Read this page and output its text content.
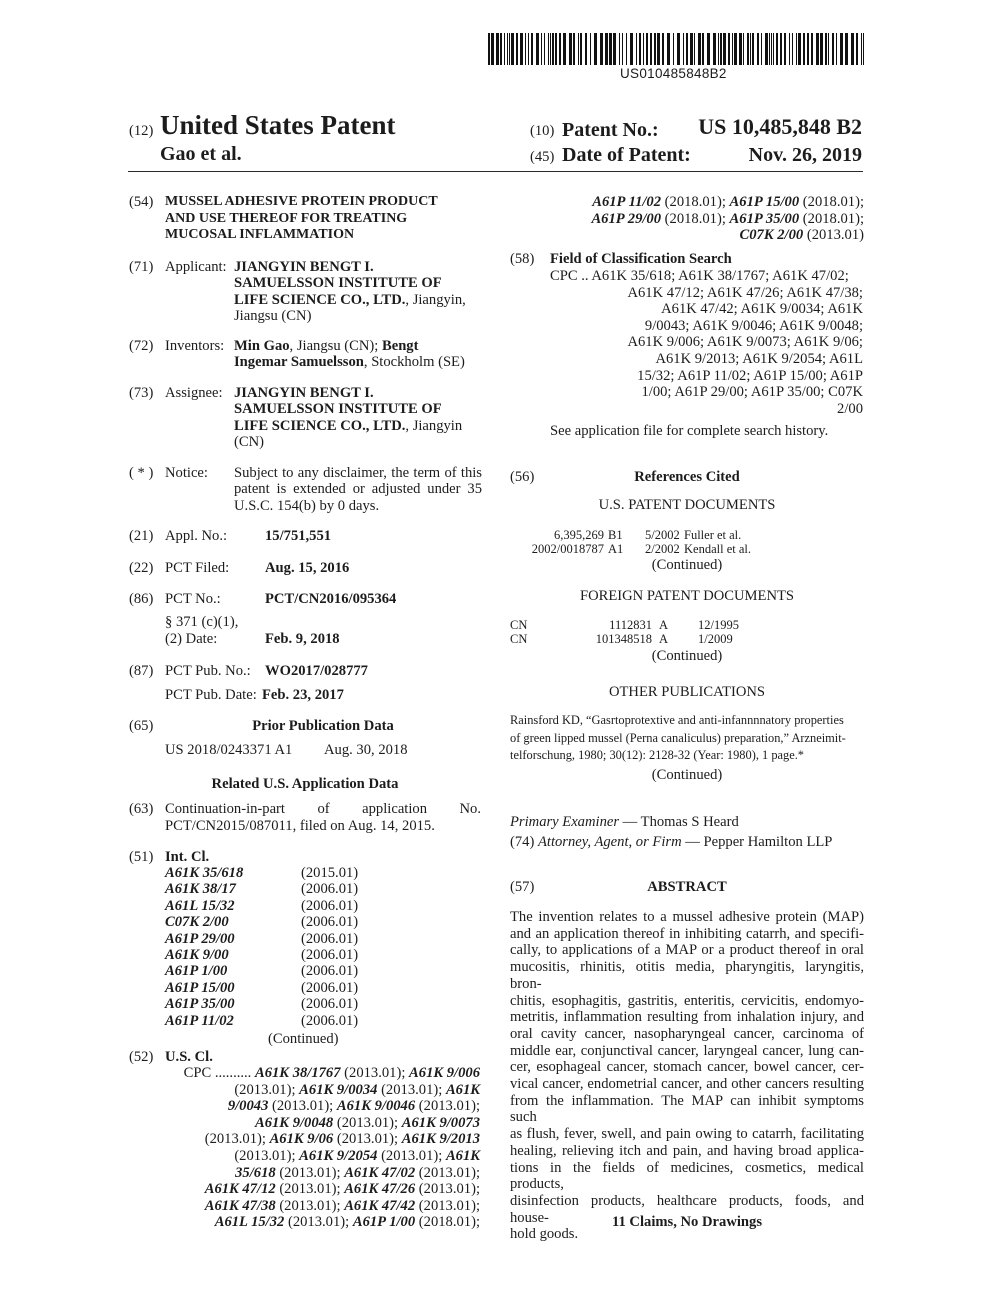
US010485848B2
(12) United States Patent
Gao et al.
(10) Patent No.:	US 10,485,848 B2
(45) Date of Patent:	Nov. 26, 2019
(54) MUSSEL ADHESIVE PROTEIN PRODUCT
AND USE THEREOF FOR TREATING
MUCOSAL INFLAMMATION
(71) Applicant: JIANGYIN BENGT I.
SAMUELSSON INSTITUTE OF
LIFE SCIENCE CO., LTD., Jiangyin,
Jiangsu (CN)
(72) Inventors: Min Gao, Jiangsu (CN); Bengt
Ingemar Samuelsson, Stockholm (SE)
(73) Assignee: JIANGYIN BENGT I.
SAMUELSSON INSTITUTE OF
LIFE SCIENCE CO., LTD., Jiangyin
(CN)
( * ) Notice: Subject to any disclaimer, the term of this
patent is extended or adjusted under 35
U.S.C. 154(b) by 0 days.
(21) Appl. No.:	15/751,551
(22) PCT Filed: Aug. 15, 2016
(86) PCT No.:	PCT/CN2016/095364
§ 371 (c)(1),
(2) Date:	Feb. 9, 2018
(87) PCT Pub. No.: WO2017/028777
PCT Pub. Date: Feb. 23, 2017
(65)	Prior Publication Data
US 2018/0243371 A1 Aug. 30, 2018
Related U.S. Application Data
(63) Continuation-in-part of application No.
PCT/CN2015/087011, filed on Aug. 14, 2015.
(51) Int. Cl.
A61K 35/618	(2015.01)
A61K 38/17	(2006.01)
A61L 15/32	(2006.01)
C07K 2/00	(2006.01)
A61P 29/00	(2006.01)
A61K 9/00	(2006.01)
A61P 1/00	(2006.01)
A61P 15/00	(2006.01)
A61P 35/00	(2006.01)
A61P 11/02	(2006.01)
(Continued)
(52) U.S. Cl.
CPC .......... A61K 38/1767 (2013.01); A61K 9/006
(2013.01); A61K 9/0034 (2013.01); A61K
9/0043 (2013.01); A61K 9/0046 (2013.01);
A61K 9/0048 (2013.01); A61K 9/0073
(2013.01); A61K 9/06 (2013.01); A61K 9/2013
(2013.01); A61K 9/2054 (2013.01); A61K
35/618 (2013.01); A61K 47/02 (2013.01);
A61K 47/12 (2013.01); A61K 47/26 (2013.01);
A61K 47/38 (2013.01); A61K 47/42 (2013.01);
A61L 15/32 (2013.01); A61P 1/00 (2018.01);
A61P 11/02 (2018.01); A61P 15/00 (2018.01);
A61P 29/00 (2018.01); A61P 35/00 (2018.01);
C07K 2/00 (2013.01)
(58) Field of Classification Search
CPC .. A61K 35/618; A61K 38/1767; A61K 47/02;
A61K 47/12; A61K 47/26; A61K 47/38;
A61K 47/42; A61K 9/0034; A61K
9/0043; A61K 9/0046; A61K 9/0048;
A61K 9/006; A61K 9/0073; A61K 9/06;
A61K 9/2013; A61K 9/2054; A61L
15/32; A61P 11/02; A61P 15/00; A61P
1/00; A61P 29/00; A61P 35/00; C07K
2/00
See application file for complete search history.
(56)	References Cited
U.S. PATENT DOCUMENTS
6,395,269 B1 5/2002 Fuller et al.
2002/0018787 A1 2/2002 Kendall et al.
(Continued)
FOREIGN PATENT DOCUMENTS
CN	1112831 A 12/1995
CN	101348518 A 1/2009
(Continued)
OTHER PUBLICATIONS
Rainsford KD, “Gasrtoprotextive and anti-infannnnatory properties
of green lipped mussel (Perna canaliculus) preparation,” Arzneimit-
telforschung, 1980; 30(12): 2128-32 (Year: 1980), 1 page.*
(Continued)
Primary Examiner — Thomas S Heard
(74) Attorney, Agent, or Firm — Pepper Hamilton LLP
(57)	ABSTRACT
The invention relates to a mussel adhesive protein (MAP)
and an application thereof in inhibiting catarrh, and specifi-
cally, to applications of a MAP or a product thereof in oral
mucositis, rhinitis, otitis media, pharyngitis, laryngitis, bron-
chitis, esophagitis, gastritis, enteritis, cervicitis, endomyo-
metritis, inflammation resulting from inhalation injury, and
oral cavity cancer, nasopharyngeal cancer, carcinoma of
middle ear, conjunctival cancer, laryngeal cancer, lung can-
cer, esophageal cancer, stomach cancer, bowel cancer, cer-
vical cancer, endometrial cancer, and other cancers resulting
from the inflammation. The MAP can inhibit symptoms such
as flush, fever, swell, and pain owing to catarrh, facilitating
healing, relieving itch and pain, and having broad applica-
tions in the fields of medicines, cosmetics, medical products,
disinfection products, healthcare products, foods, and house-
hold goods.
11 Claims, No Drawings
